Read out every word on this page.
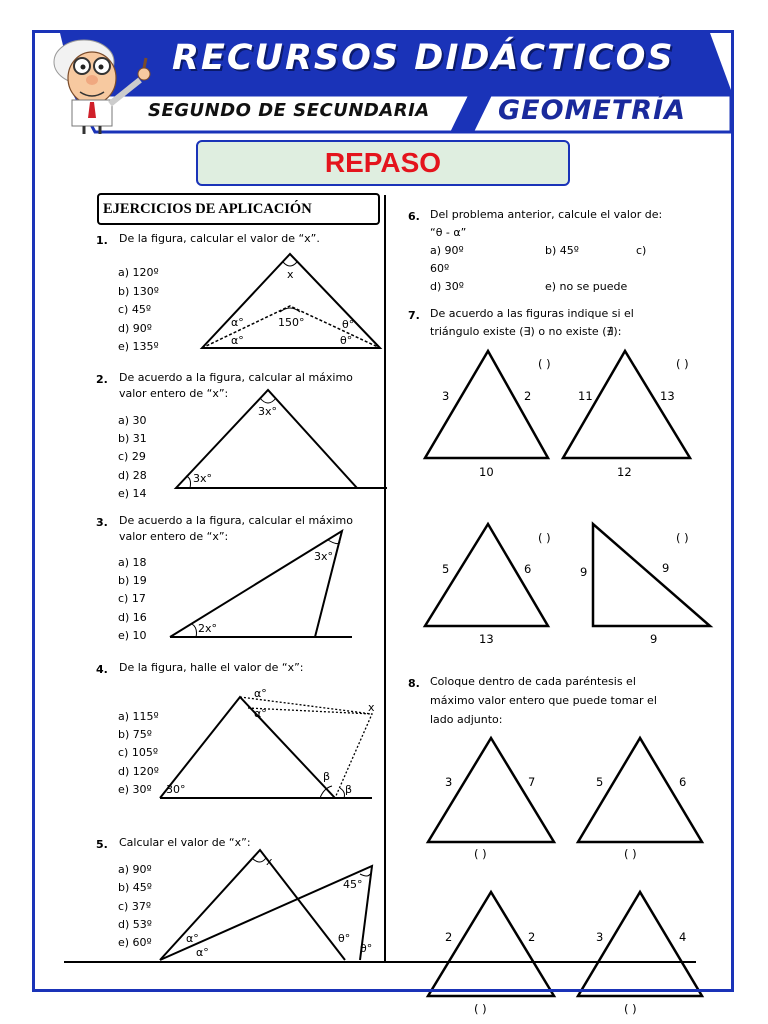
RECURSOS DIDÁCTICOS
SEGUNDO DE SECUNDARIA	GEOMETRÍA
REPASO
EJERCICIOS DE APLICACIÓN
1. De la figura, calcular el valor de “x”.
a) 120º
b) 130º
c) 45º
d) 90º
e) 135º
x
α°
α°
150°	θ°
θ°
2. De acuerdo a la figura, calcular al máximo
valor entero de “x”:
a) 30
b) 31
c) 29
d) 28
e) 14
3x°
3x°
3. De acuerdo a la figura, calcular el máximo
valor entero de “x”:
a) 18
b) 19
c) 17
d) 16
e) 10
3x°
2x°
4. De la figura, halle el valor de “x”:
a) 115º
b) 75º
c) 105º
d) 120º
e) 30º
α°
α°	x
30°
β
β
5. Calcular el valor de “x”:
a) 90º
b) 45º
c) 37º
d) 53º
e) 60º
x
45°
α°
α°
θ°
θ°
6. Del problema anterior, calcule el valor de:
“θ - α”
a) 90º	b) 45º	c)
60º
d) 30º	e) no se puede
7. De acuerdo a las figuras indique si el
triángulo existe (∃) o no existe (∄):
( )
3	2
10
( )
11	13
12
( )
5	6
13
( )
9	9
9
8. Coloque dentro de cada paréntesis el
máximo valor entero que puede tomar el
lado adjunto:
3	7
( )
5	6
( )
2	2
( )
3	4
( )
